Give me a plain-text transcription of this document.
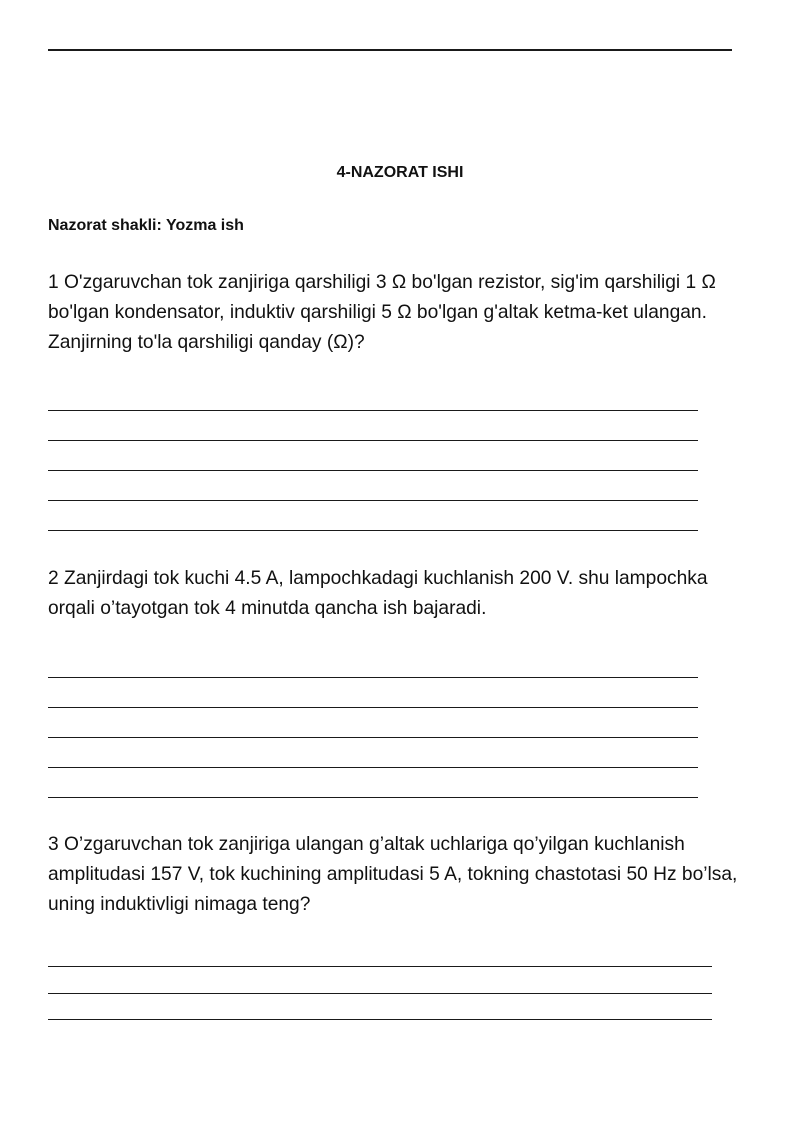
4-NAZORAT ISHI
Nazorat shakli: Yozma ish
1 O'zgaruvchan tok zanjiriga qarshiligi 3 Ω bo'lgan rezistor, sig'im qarshiligi 1 Ω bo'lgan kondensator, induktiv qarshiligi 5 Ω bo'lgan g'altak ketma-ket ulangan. Zanjirning to'la qarshiligi qanday (Ω)?
2 Zanjirdagi tok kuchi 4.5 A, lampochkadagi kuchlanish 200 V. shu lampochka orqali o’tayotgan tok 4 minutda qancha ish bajaradi.
3 O’zgaruvchan tok zanjiriga ulangan g’altak uchlariga qo’yilgan kuchlanish amplitudasi 157 V, tok kuchining amplitudasi 5 A, tokning chastotasi 50 Hz bo’lsa, uning induktivligi nimaga teng?
